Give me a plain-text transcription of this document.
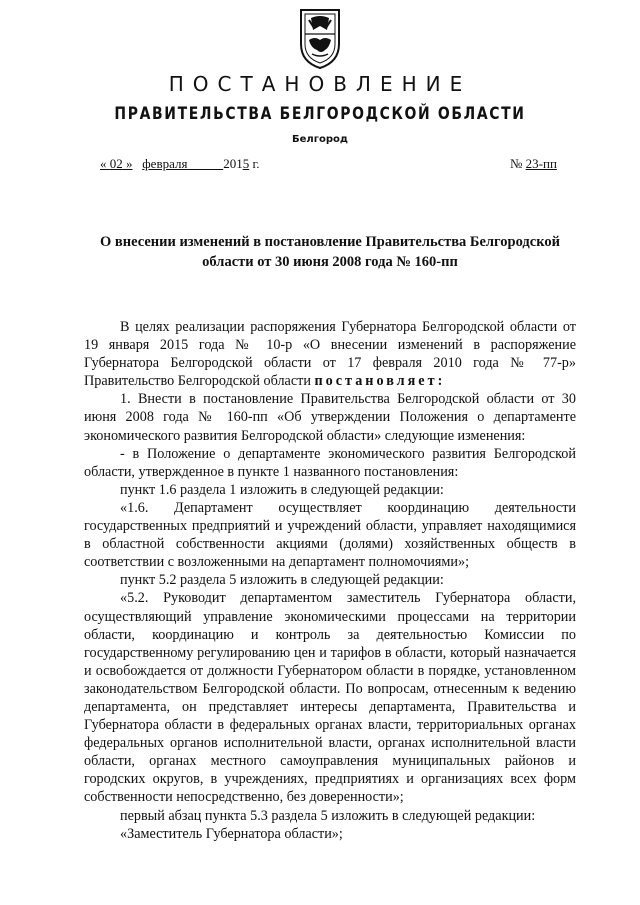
ПОСТАНОВЛЕНИЕ
ПРАВИТЕЛЬСТВА БЕЛГОРОДСКОЙ ОБЛАСТИ
Белгород
« 02 » февраля	2015 г.	№ 23-пп
О внесении изменений в постановление Правительства Белгородской области от 30 июня 2008 года № 160-пп

В целях реализации распоряжения Губернатора Белгородской области от 19 января 2015 года № 10-р «О внесении изменений в распоряжение Губернатора Белгородской области от 17 февраля 2010 года № 77-р» Правительство Белгородской области постановляет:

1. Внести в постановление Правительства Белгородской области от 30 июня 2008 года № 160-пп «Об утверждении Положения о департаменте экономического развития Белгородской области» следующие изменения:

- в Положение о департаменте экономического развития Белгородской области, утвержденное в пункте 1 названного постановления:

пункт 1.6 раздела 1 изложить в следующей редакции:

«1.6. Департамент осуществляет координацию деятельности государственных предприятий и учреждений области, управляет находящимися в областной собственности акциями (долями) хозяйственных обществ в соответствии с возложенными на департамент полномочиями»;

пункт 5.2 раздела 5 изложить в следующей редакции:

«5.2. Руководит департаментом заместитель Губернатора области, осуществляющий управление экономическими процессами на территории области, координацию и контроль за деятельностью Комиссии по государственному регулированию цен и тарифов в области, который назначается и освобождается от должности Губернатором области в порядке, установленном законодательством Белгородской области. По вопросам, отнесенным к ведению департамента, он представляет интересы департамента, Правительства и Губернатора области в федеральных органах власти, территориальных органах федеральных органов исполнительной власти, органах исполнительной власти области, органах местного самоуправления муниципальных районов и городских округов, в учреждениях, предприятиях и организациях всех форм собственности непосредственно, без доверенности»;

первый абзац пункта 5.3 раздела 5 изложить в следующей редакции:

«Заместитель Губернатора области»;
